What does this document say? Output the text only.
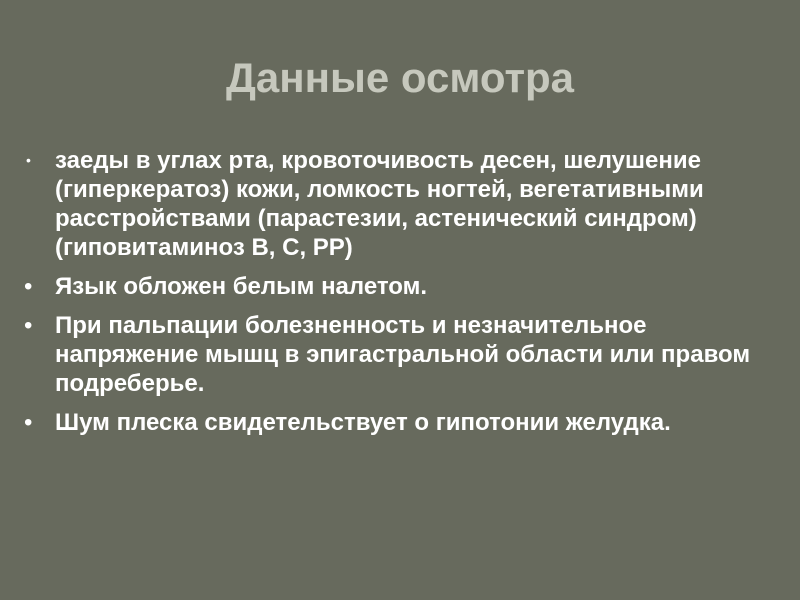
Данные осмотра
• заеды в углах рта, кровоточивость десен, шелушение (гиперкератоз) кожи, ломкость ногтей, вегетативными расстройствами (парастезии, астенический синдром) (гиповитаминоз В, С, РР)
• Язык обложен белым налетом.
• При пальпации болезненность и незначительное напряжение мышц в эпигастральной области или правом подреберье.
• Шум плеска свидетельствует о гипотонии желудка.
